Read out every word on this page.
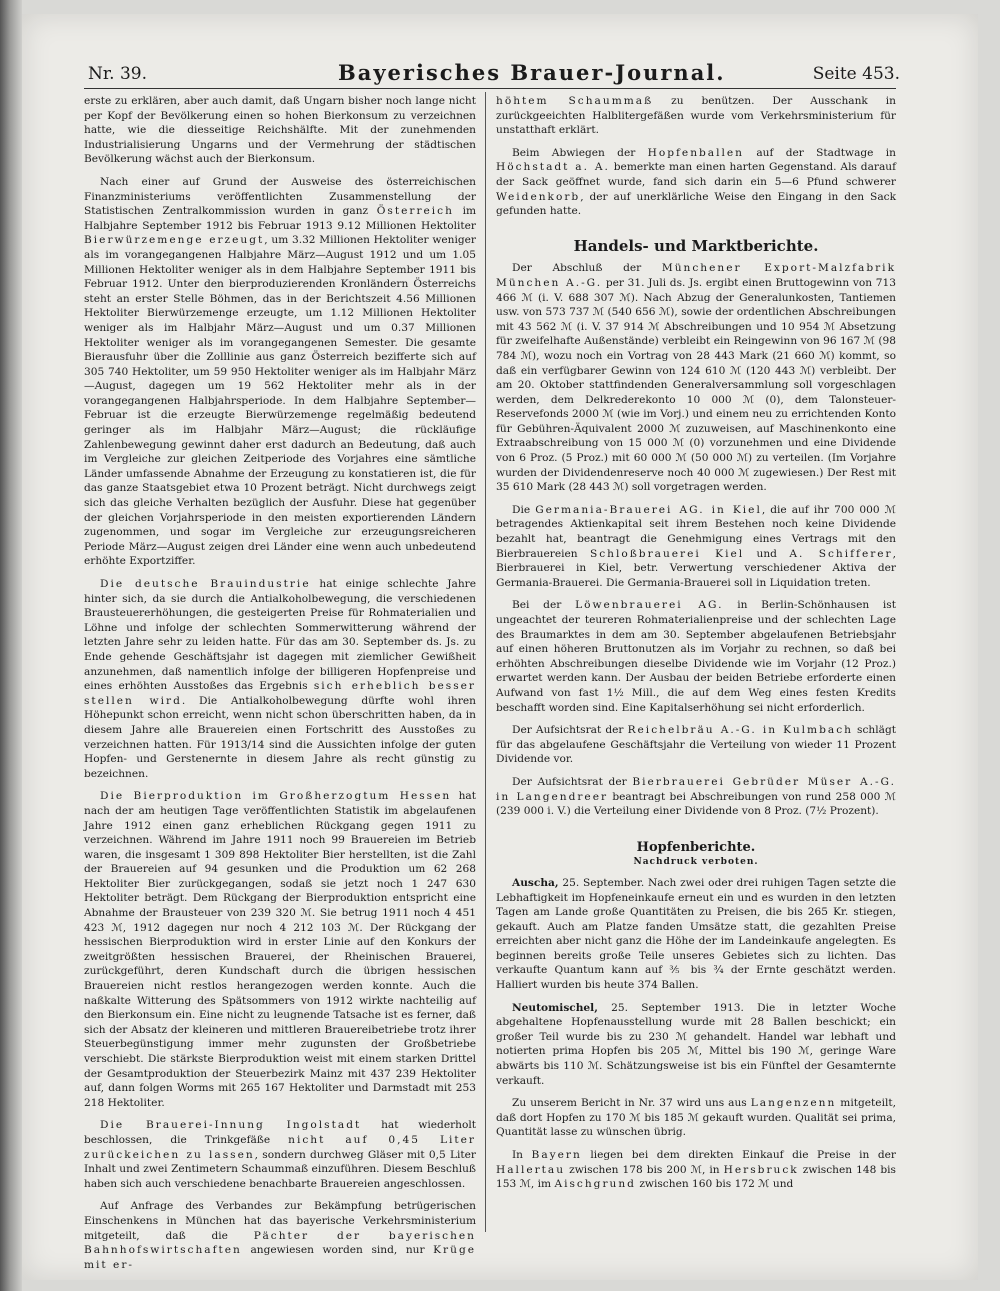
Nr. 39.	Bayerisches Brauer-Journal.	Seite 453.

erste zu erklären, aber auch damit, daß Ungarn bisher noch lange nicht per Kopf der Bevölkerung einen so hohen Bierkonsum zu verzeichnen hatte, wie die diesseitige Reichshälfte. Mit der zunehmenden Industrialisierung Ungarns und der Vermehrung der städtischen Bevölkerung wächst auch der Bierkonsum.

Nach einer auf Grund der Ausweise des österreichischen Finanzministeriums veröffentlichten Zusammenstellung der Statistischen Zentralkommission wurden in ganz Österreich im Halbjahre September 1912 bis Februar 1913 9.12 Millionen Hektoliter Bierwürzemenge erzeugt, um 3.32 Millionen Hektoliter weniger als im vorangegangenen Halbjahre März—August 1912 und um 1.05 Millionen Hektoliter weniger als in dem Halbjahre September 1911 bis Februar 1912. Unter den bierproduzierenden Kronländern Österreichs steht an erster Stelle Böhmen, das in der Berichtszeit 4.56 Millionen Hektoliter Bierwürzemenge erzeugte, um 1.12 Millionen Hektoliter weniger als im Halbjahr März—August und um 0.37 Millionen Hektoliter weniger als im vorangegangenen Semester. Die gesamte Bierausfuhr über die Zolllinie aus ganz Österreich bezifferte sich auf 305 740 Hektoliter, um 59 950 Hektoliter weniger als im Halbjahr März—August, dagegen um 19 562 Hektoliter mehr als in der vorangegangenen Halbjahrsperiode. In dem Halbjahre September—Februar ist die erzeugte Bierwürzemenge regelmäßig bedeutend geringer als im Halbjahr März—August; die rückläufige Zahlenbewegung gewinnt daher erst dadurch an Bedeutung, daß auch im Vergleiche zur gleichen Zeitperiode des Vorjahres eine sämtliche Länder umfassende Abnahme der Erzeugung zu konstatieren ist, die für das ganze Staatsgebiet etwa 10 Prozent beträgt. Nicht durchwegs zeigt sich das gleiche Verhalten bezüglich der Ausfuhr. Diese hat gegenüber der gleichen Vorjahrsperiode in den meisten exportierenden Ländern zugenommen, und sogar im Vergleiche zur erzeugungsreicheren Periode März—August zeigen drei Länder eine wenn auch unbedeutend erhöhte Exportziffer.

Die deutsche Brauindustrie hat einige schlechte Jahre hinter sich, da sie durch die Antialkoholbewegung, die verschiedenen Brausteuererhöhungen, die gesteigerten Preise für Rohmaterialien und Löhne und infolge der schlechten Sommerwitterung während der letzten Jahre sehr zu leiden hatte. Für das am 30. September ds. Js. zu Ende gehende Geschäftsjahr ist dagegen mit ziemlicher Gewißheit anzunehmen, daß namentlich infolge der billigeren Hopfenpreise und eines erhöhten Ausstoßes das Ergebnis sich erheblich besser stellen wird. Die Antialkoholbewegung dürfte wohl ihren Höhepunkt schon erreicht, wenn nicht schon überschritten haben, da in diesem Jahre alle Brauereien einen Fortschritt des Ausstoßes zu verzeichnen hatten. Für 1913/14 sind die Aussichten infolge der guten Hopfen- und Gerstenernte in diesem Jahre als recht günstig zu bezeichnen.

Die Bierproduktion im Großherzogtum Hessen hat nach der am heutigen Tage veröffentlichten Statistik im abgelaufenen Jahre 1912 einen ganz erheblichen Rückgang gegen 1911 zu verzeichnen. Während im Jahre 1911 noch 99 Brauereien im Betrieb waren, die insgesamt 1 309 898 Hektoliter Bier herstellten, ist die Zahl der Brauereien auf 94 gesunken und die Produktion um 62 268 Hektoliter Bier zurückgegangen, sodaß sie jetzt noch 1 247 630 Hektoliter beträgt. Dem Rückgang der Bierproduktion entspricht eine Abnahme der Brausteuer von 239 320 ℳ. Sie betrug 1911 noch 4 451 423 ℳ, 1912 dagegen nur noch 4 212 103 ℳ. Der Rückgang der hessischen Bierproduktion wird in erster Linie auf den Konkurs der zweitgrößten hessischen Brauerei, der Rheinischen Brauerei, zurückgeführt, deren Kundschaft durch die übrigen hessischen Brauereien nicht restlos herangezogen werden konnte. Auch die naßkalte Witterung des Spätsommers von 1912 wirkte nachteilig auf den Bierkonsum ein. Eine nicht zu leugnende Tatsache ist es ferner, daß sich der Absatz der kleineren und mittleren Brauereibetriebe trotz ihrer Steuerbegünstigung immer mehr zugunsten der Großbetriebe verschiebt. Die stärkste Bierproduktion weist mit einem starken Drittel der Gesamtproduktion der Steuerbezirk Mainz mit 437 239 Hektoliter auf, dann folgen Worms mit 265 167 Hektoliter und Darmstadt mit 253 218 Hektoliter.

Die Brauerei-Innung Ingolstadt hat wiederholt beschlossen, die Trinkgefäße nicht auf 0,45 Liter zurückeichen zu lassen, sondern durchweg Gläser mit 0,5 Liter Inhalt und zwei Zentimetern Schaummaß einzuführen. Diesem Beschluß haben sich auch verschiedene benachbarte Brauereien angeschlossen.

Auf Anfrage des Verbandes zur Bekämpfung betrügerischen Einschenkens in München hat das bayerische Verkehrsministerium mitgeteilt, daß die Pächter der bayerischen Bahnhofswirtschaften angewiesen worden sind, nur Krüge mit er-

höhtem Schaummaß zu benützen. Der Ausschank in zurückgeeichten Halblitergefäßen wurde vom Verkehrsministerium für unstatthaft erklärt.

Beim Abwiegen der Hopfenballen auf der Stadtwage in Höchstadt a. A. bemerkte man einen harten Gegenstand. Als darauf der Sack geöffnet wurde, fand sich darin ein 5—6 Pfund schwerer Weidenkorb, der auf unerklärliche Weise den Eingang in den Sack gefunden hatte.

Handels- und Marktberichte.

Der Abschluß der Münchener Export-Malzfabrik München A.-G. per 31. Juli ds. Js. ergibt einen Bruttogewinn von 713 466 ℳ (i. V. 688 307 ℳ). Nach Abzug der Generalunkosten, Tantiemen usw. von 573 737 ℳ (540 656 ℳ), sowie der ordentlichen Abschreibungen mit 43 562 ℳ (i. V. 37 914 ℳ Abschreibungen und 10 954 ℳ Absetzung für zweifelhafte Außenstände) verbleibt ein Reingewinn von 96 167 ℳ (98 784 ℳ), wozu noch ein Vortrag von 28 443 Mark (21 660 ℳ) kommt, so daß ein verfügbarer Gewinn von 124 610 ℳ (120 443 ℳ) verbleibt. Der am 20. Oktober stattfindenden Generalversammlung soll vorgeschlagen werden, dem Delkrederekonto 10 000 ℳ (0), dem Talonsteuer-Reservefonds 2000 ℳ (wie im Vorj.) und einem neu zu errichtenden Konto für Gebühren-Äquivalent 2000 ℳ zuzuweisen, auf Maschinenkonto eine Extraabschreibung von 15 000 ℳ (0) vorzunehmen und eine Dividende von 6 Proz. (5 Proz.) mit 60 000 ℳ (50 000 ℳ) zu verteilen. (Im Vorjahre wurden der Dividendenreserve noch 40 000 ℳ zugewiesen.) Der Rest mit 35 610 Mark (28 443 ℳ) soll vorgetragen werden.

Die Germania-Brauerei AG. in Kiel, die auf ihr 700 000 ℳ betragendes Aktienkapital seit ihrem Bestehen noch keine Dividende bezahlt hat, beantragt die Genehmigung eines Vertrags mit den Bierbrauereien Schloßbrauerei Kiel und A. Schifferer, Bierbrauerei in Kiel, betr. Verwertung verschiedener Aktiva der Germania-Brauerei. Die Germania-Brauerei soll in Liquidation treten.

Bei der Löwenbrauerei AG. in Berlin-Schönhausen ist ungeachtet der teureren Rohmaterialienpreise und der schlechten Lage des Braumarktes in dem am 30. September abgelaufenen Betriebsjahr auf einen höheren Bruttonutzen als im Vorjahr zu rechnen, so daß bei erhöhten Abschreibungen dieselbe Dividende wie im Vorjahr (12 Proz.) erwartet werden kann. Der Ausbau der beiden Betriebe erforderte einen Aufwand von fast 1½ Mill., die auf dem Weg eines festen Kredits beschafft worden sind. Eine Kapitalserhöhung sei nicht erforderlich.

Der Aufsichtsrat der Reichelbräu A.-G. in Kulmbach schlägt für das abgelaufene Geschäftsjahr die Verteilung von wieder 11 Prozent Dividende vor.

Der Aufsichtsrat der Bierbrauerei Gebrüder Müser A.-G. in Langendreer beantragt bei Abschreibungen von rund 258 000 ℳ (239 000 i. V.) die Verteilung einer Dividende von 8 Proz. (7½ Prozent).

Hopfenberichte.
Nachdruck verboten.

Auscha, 25. September. Nach zwei oder drei ruhigen Tagen setzte die Lebhaftigkeit im Hopfeneinkaufe erneut ein und es wurden in den letzten Tagen am Lande große Quantitäten zu Preisen, die bis 265 Kr. stiegen, gekauft. Auch am Platze fanden Umsätze statt, die gezahlten Preise erreichten aber nicht ganz die Höhe der im Landeinkaufe angelegten. Es beginnen bereits große Teile unseres Gebietes sich zu lichten. Das verkaufte Quantum kann auf ⅗ bis ¾ der Ernte geschätzt werden. Halliert wurden bis heute 374 Ballen.

Neutomischel, 25. September 1913. Die in letzter Woche abgehaltene Hopfenausstellung wurde mit 28 Ballen beschickt; ein großer Teil wurde bis zu 230 ℳ gehandelt. Handel war lebhaft und notierten prima Hopfen bis 205 ℳ, Mittel bis 190 ℳ, geringe Ware abwärts bis 110 ℳ. Schätzungsweise ist bis ein Fünftel der Gesamternte verkauft.

Zu unserem Bericht in Nr. 37 wird uns aus Langenzenn mitgeteilt, daß dort Hopfen zu 170 ℳ bis 185 ℳ gekauft wurden. Qualität sei prima, Quantität lasse zu wünschen übrig.

In Bayern liegen bei dem direkten Einkauf die Preise in der Hallertau zwischen 178 bis 200 ℳ, in Hersbruck zwischen 148 bis 153 ℳ, im Aischgrund zwischen 160 bis 172 ℳ und
